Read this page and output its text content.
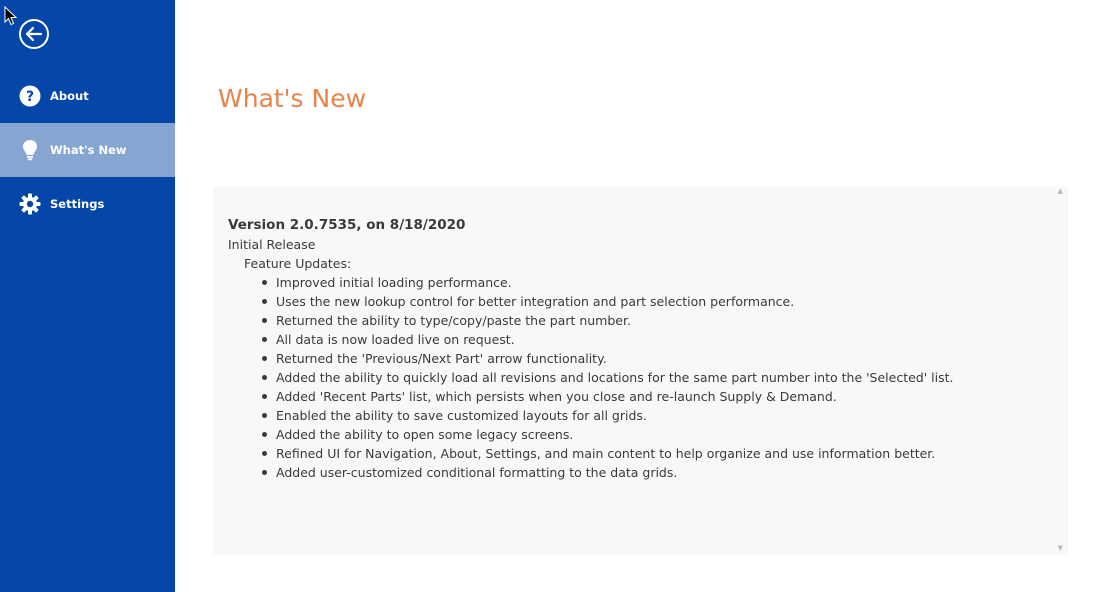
? About
What's New
Settings
What's New
▲
Version 2.0.7535, on 8/18/2020
Initial Release
Feature Updates:
Improved initial loading performance.
Uses the new lookup control for better integration and part selection performance.
Returned the ability to type/copy/paste the part number.
All data is now loaded live on request.
Returned the 'Previous/Next Part' arrow functionality.
Added the ability to quickly load all revisions and locations for the same part number into the 'Selected' list.
Added 'Recent Parts' list, which persists when you close and re-launch Supply & Demand.
Enabled the ability to save customized layouts for all grids.
Added the ability to open some legacy screens.
Refined UI for Navigation, About, Settings, and main content to help organize and use information better.
Added user-customized conditional formatting to the data grids.
▼
